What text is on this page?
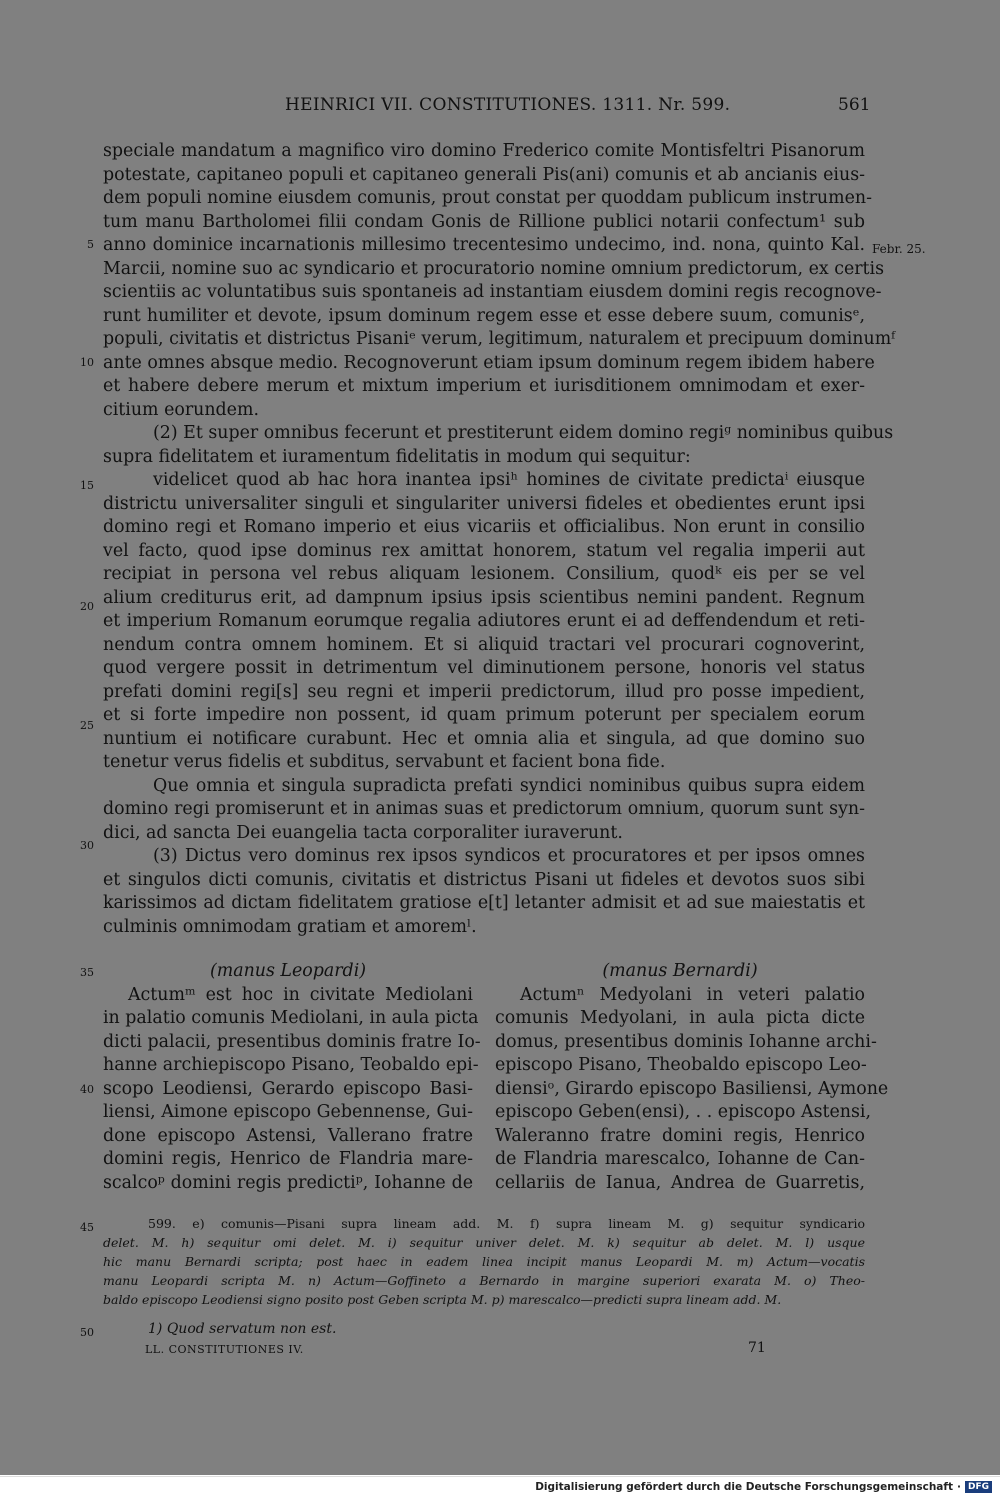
HEINRICI VII. CONSTITUTIONES. 1311. Nr. 599.	561
speciale mandatum a magnifico viro domino Frederico comite Montisfeltri Pisanorum
potestate, capitaneo populi et capitaneo generali Pis(ani) comunis et ab ancianis eius-
dem populi nomine eiusdem comunis, prout constat per quoddam publicum instrumen-
tum manu Bartholomei filii condam Gonis de Rillione publici notarii confectum¹ sub
anno dominice incarnationis millesimo trecentesimo undecimo, ind. nona, quinto Kal.
Marcii, nomine suo ac syndicario et procuratorio nomine omnium predictorum, ex certis
scientiis ac voluntatibus suis spontaneis ad instantiam eiusdem domini regis recognove-
runt humiliter et devote, ipsum dominum regem esse et esse debere suum, comunisᵉ,
populi, civitatis et districtus Pisaniᵉ verum, legitimum, naturalem et precipuum dominumᶠ
ante omnes absque medio. Recognoverunt etiam ipsum dominum regem ibidem habere
et habere debere merum et mixtum imperium et iurisditionem omnimodam et exer-
citium eorundem.
(2) Et super omnibus fecerunt et prestiterunt eidem domino regiᵍ nominibus quibus
supra fidelitatem et iuramentum fidelitatis in modum qui sequitur:
videlicet quod ab hac hora inantea ipsiʰ homines de civitate predictaⁱ eiusque
districtu universaliter singuli et singulariter universi fideles et obedientes erunt ipsi
domino regi et Romano imperio et eius vicariis et officialibus. Non erunt in consilio
vel facto, quod ipse dominus rex amittat honorem, statum vel regalia imperii aut
recipiat in persona vel rebus aliquam lesionem. Consilium, quodᵏ eis per se vel
alium crediturus erit, ad dampnum ipsius ipsis scientibus nemini pandent. Regnum
et imperium Romanum eorumque regalia adiutores erunt ei ad deffendendum et reti-
nendum contra omnem hominem. Et si aliquid tractari vel procurari cognoverint,
quod vergere possit in detrimentum vel diminutionem persone, honoris vel status
prefati domini regi[s] seu regni et imperii predictorum, illud pro posse impedient,
et si forte impedire non possent, id quam primum poterunt per specialem eorum
nuntium ei notificare curabunt. Hec et omnia alia et singula, ad que domino suo
tenetur verus fidelis et subditus, servabunt et facient bona fide.
Que omnia et singula supradicta prefati syndici nominibus quibus supra eidem
domino regi promiserunt et in animas suas et predictorum omnium, quorum sunt syn-
dici, ad sancta Dei euangelia tacta corporaliter iuraverunt.
(3) Dictus vero dominus rex ipsos syndicos et procuratores et per ipsos omnes
et singulos dicti comunis, civitatis et districtus Pisani ut fideles et devotos suos sibi
karissimos ad dictam fidelitatem gratiose e[t] letanter admisit et ad sue maiestatis et
culminis omnimodam gratiam et amoremˡ.
5
10
15
20
25
30
35
40
45
50
Febr. 25.
(manus Leopardi)
Actumᵐ est hoc in civitate Mediolani
in palatio comunis Mediolani, in aula picta
dicti palacii, presentibus dominis fratre Io-
hanne archiepiscopo Pisano, Teobaldo epi-
scopo Leodiensi, Gerardo episcopo Basi-
liensi, Aimone episcopo Gebennense, Gui-
done episcopo Astensi, Vallerano fratre
domini regis, Henrico de Flandria mare-
scalcoᵖ domini regis predictiᵖ, Iohanne de
(manus Bernardi)
Actumⁿ Medyolani in veteri palatio
comunis Medyolani, in aula picta dicte
domus, presentibus dominis Iohanne archi-
episcopo Pisano, Theobaldo episcopo Leo-
diensiᵒ, Girardo episcopo Basiliensi, Aymone
episcopo Geben(ensi), . . episcopo Astensi,
Waleranno fratre domini regis, Henrico
de Flandria marescalco, Iohanne de Can-
cellariis de Ianua, Andrea de Guarretis,
599. e) comunis—Pisani supra lineam add. M. f) supra lineam M. g) sequitur syndicario
delet. M. h) sequitur omi delet. M. i) sequitur univer delet. M. k) sequitur ab delet. M. l) usque
hic manu Bernardi scripta; post haec in eadem linea incipit manus Leopardi M. m) Actum—vocatis
manu Leopardi scripta M. n) Actum—Goffineto a Bernardo in margine superiori exarata M. o) Theo-
baldo episcopo Leodiensi signo posito post Geben scripta M. p) marescalco—predicti supra lineam add. M.
1) Quod servatum non est.
LL. CONSTITUTIONES IV.	71
Digitalisierung gefördert durch die Deutsche Forschungsgemeinschaft · DFG
